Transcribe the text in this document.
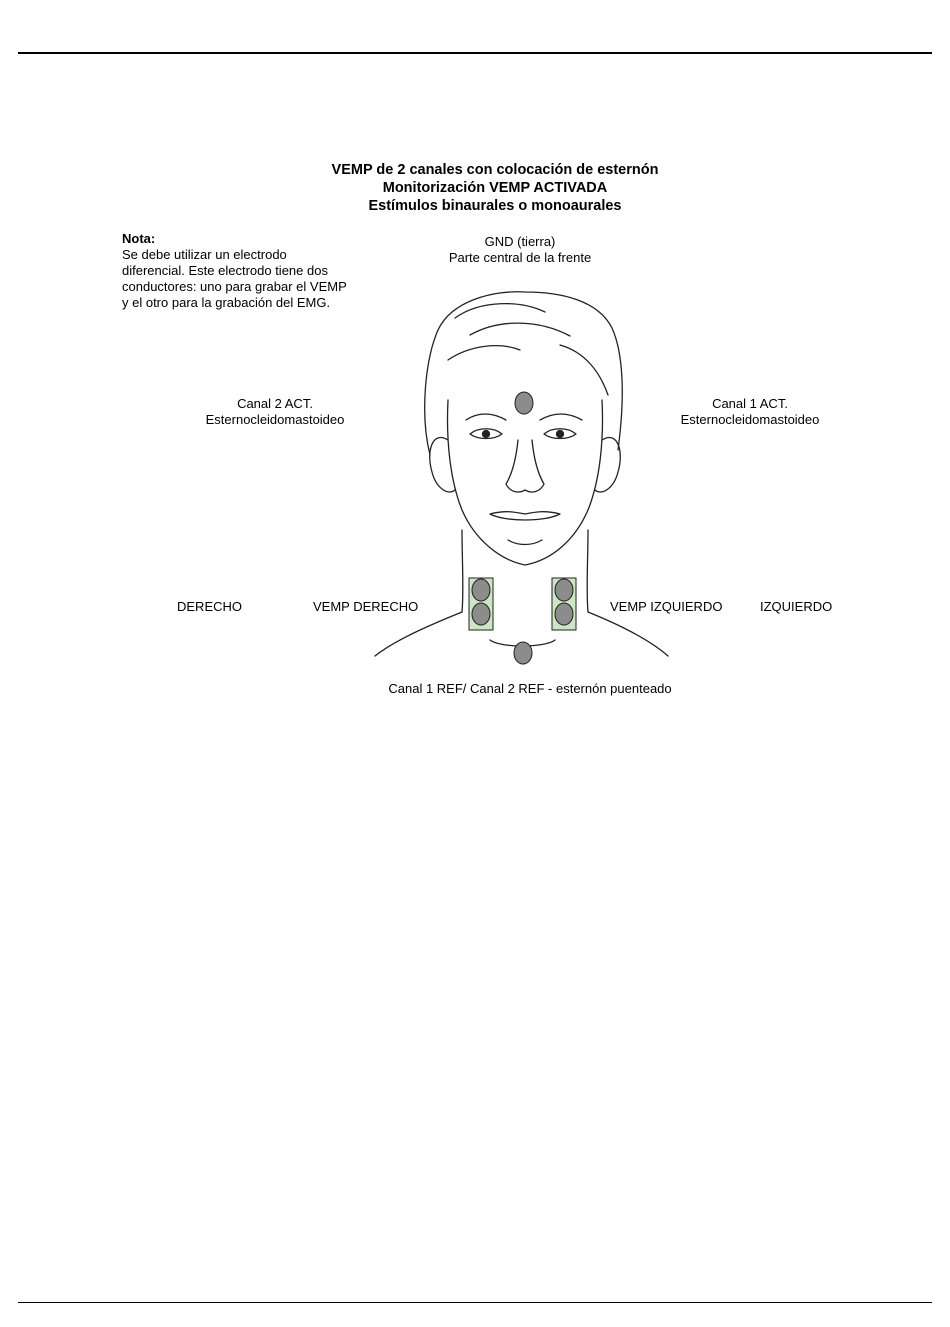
VEMP de 2 canales con colocación de esternón
Monitorización VEMP ACTIVADA
Estímulos binaurales o monoaurales
Nota:
Se debe utilizar un electrodo
diferencial. Este electrodo tiene dos
conductores: uno para grabar el VEMP
y el otro para la grabación del EMG.
GND (tierra)
Parte central de la frente
Canal 2 ACT.
Esternocleidomastoideo
Canal 1 ACT.
Esternocleidomastoideo
DERECHO	VEMP DERECHO	VEMP IZQUIERDO	IZQUIERDO
Canal 1 REF/ Canal 2 REF - esternón puenteado
